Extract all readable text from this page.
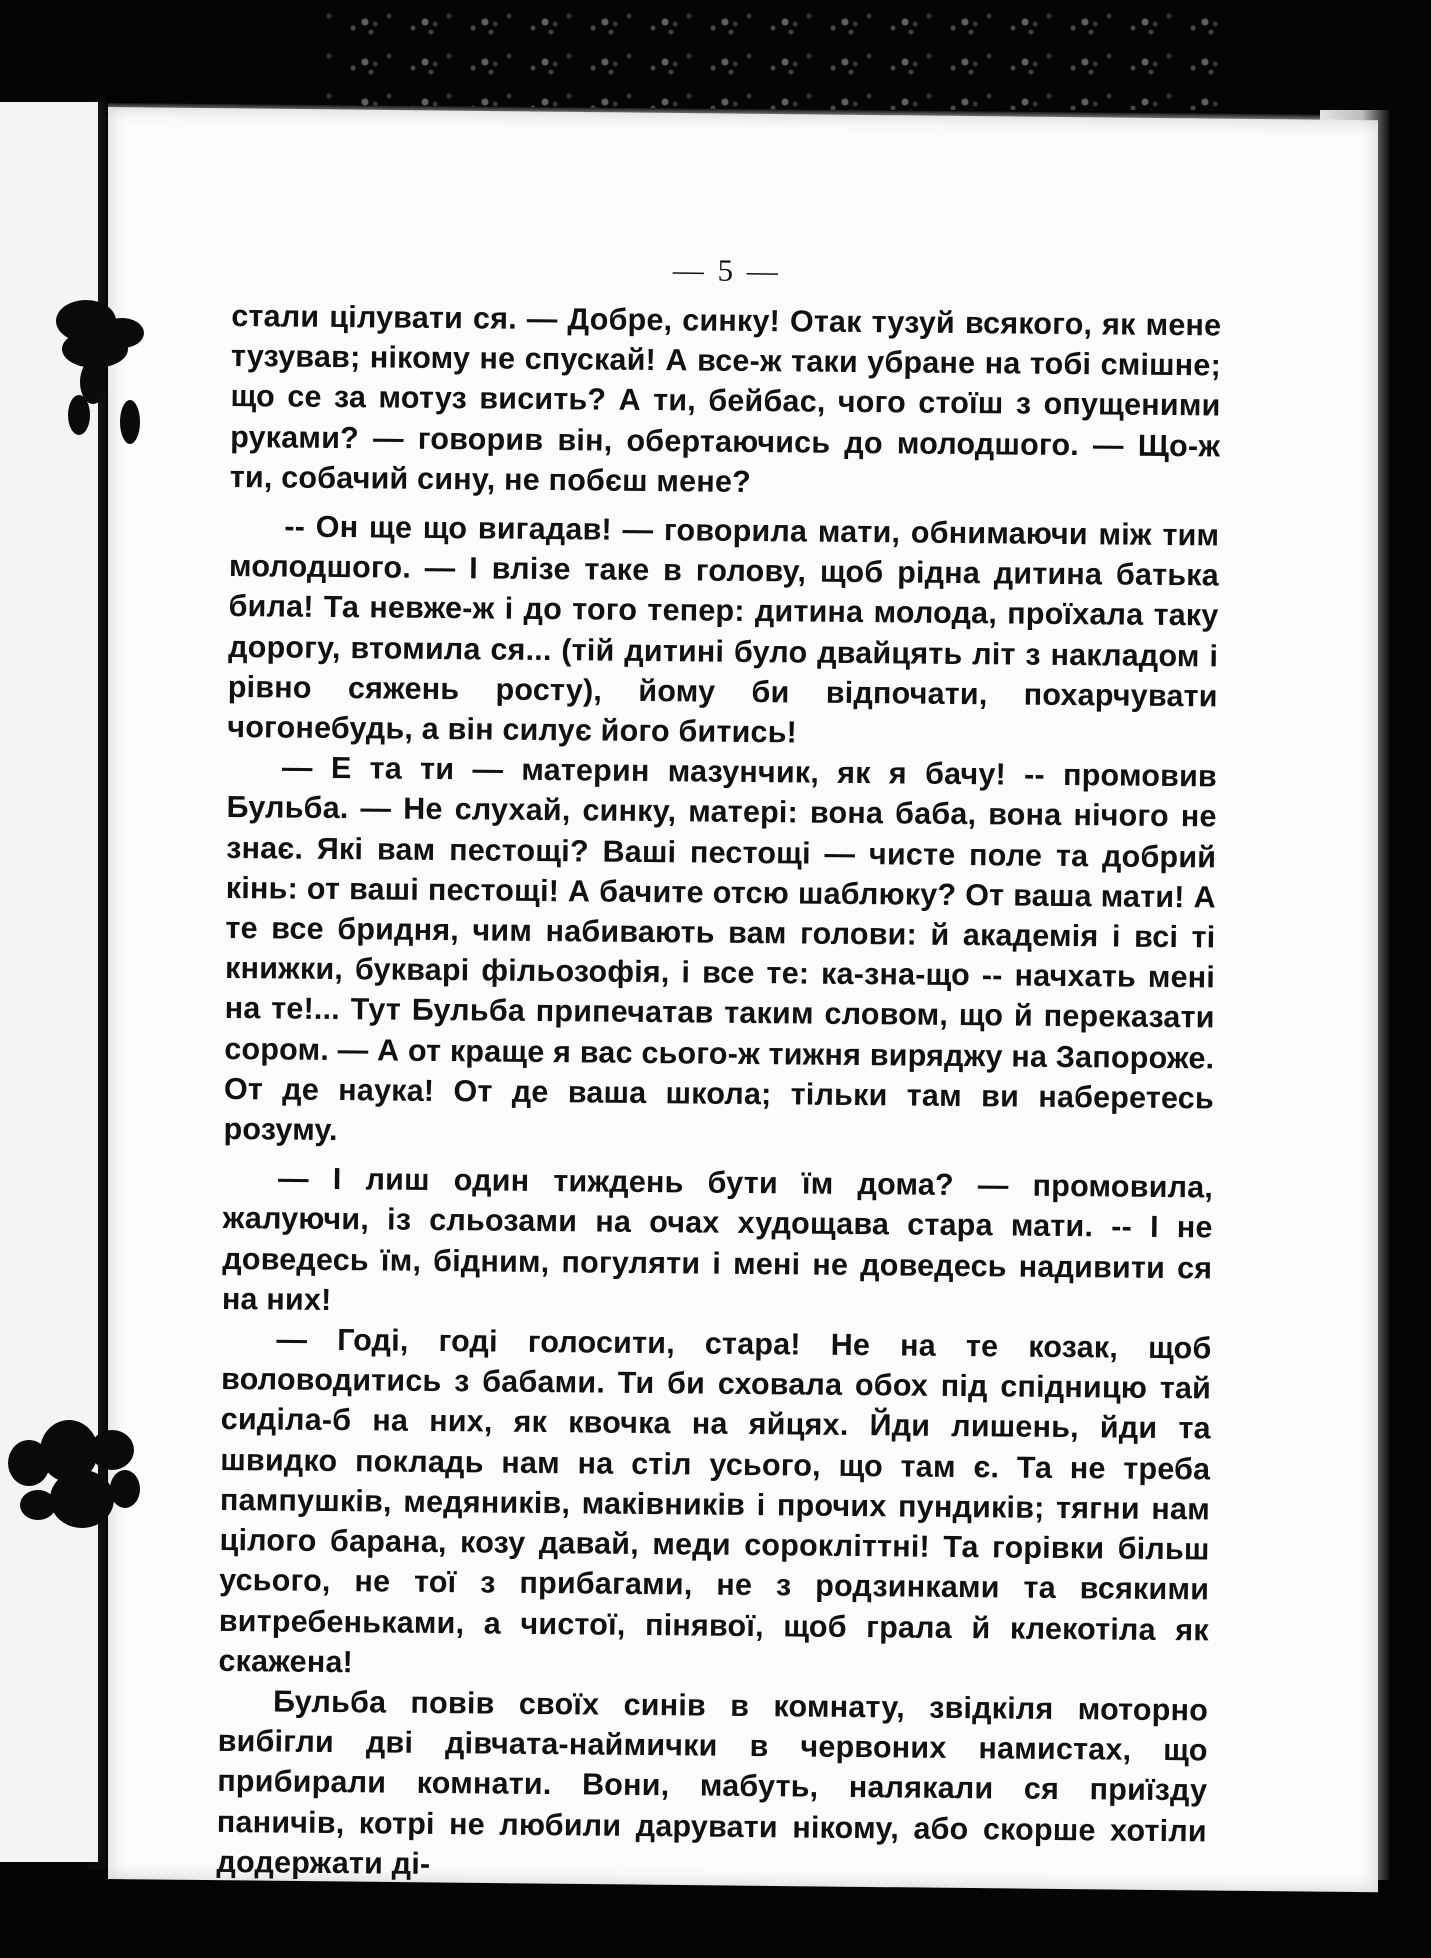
— 5 —

стали цілувати ся. — Добре, синку! Отак тузуй всякого, як мене тузував; нікому не спускай! А все-ж таки убране на тобі смішне; що се за мотуз висить? А ти, бейбас, чого стоїш з опущеними руками? — говорив він, обертаючись до молодшого. — Що-ж ти, собачий сину, не побєш мене?

-- Он ще що вигадав! — говорила мати, обнимаючи між тим молодшого. — І влізе таке в голову, щоб рідна дитина батька била! Та невже-ж і до того тепер: дитина молода, проїхала таку дорогу, втомила ся... (тій дитині було двайцять літ з накладом і рівно сяжень росту), йому би відпочати, похарчувати чогонебудь, а він силує його битись!

— Е та ти — материн мазунчик, як я бачу! -- промовив Бульба. — Не слухай, синку, матері: вона баба, вона нічого не знає. Які вам пестощі? Ваші пестощі — чисте поле та добрий кінь: от ваші пестощі! А бачите отсю шаблюку? От ваша мати! А те все бридня, чим набивають вам голови: й академія і всі ті книжки, букварі фільозофія, і все те: ка-зна-що -- начхать мені на те!... Тут Бульба припечатав таким словом, що й переказати сором. — А от краще я вас сього-ж тижня виряджу на Запороже. От де наука! От де ваша школа; тільки там ви наберетесь розуму.

— І лиш один тиждень бути їм дома? — промовила, жалуючи, із сльозами на очах худощава стара мати. -- І не доведесь їм, бідним, погуляти і мені не доведесь надивити ся на них!

— Годі, годі голосити, стара! Не на те козак, щоб воловодитись з бабами. Ти би сховала обох під спідницю тай сиділа-б на них, як квочка на яйцях. Йди лишень, йди та швидко покладь нам на стіл усього, що там є. Та не треба пампушків, медяників, маківників і прочих пундиків; тягни нам цілого барана, козу давай, меди сорокліттні! Та горівки більш усього, не тої з прибагами, не з родзинками та всякими витребеньками, а чистої, пінявої, щоб грала й клекотіла як скажена!

Бульба повів своїх синів в комнату, звідкіля моторно вибігли дві дівчата-наймички в червоних намистах, що прибирали комнати. Вони, мабуть, налякали ся приїзду паничів, котрі не любили дарувати нікому, або скорше хотіли додержати ді-
